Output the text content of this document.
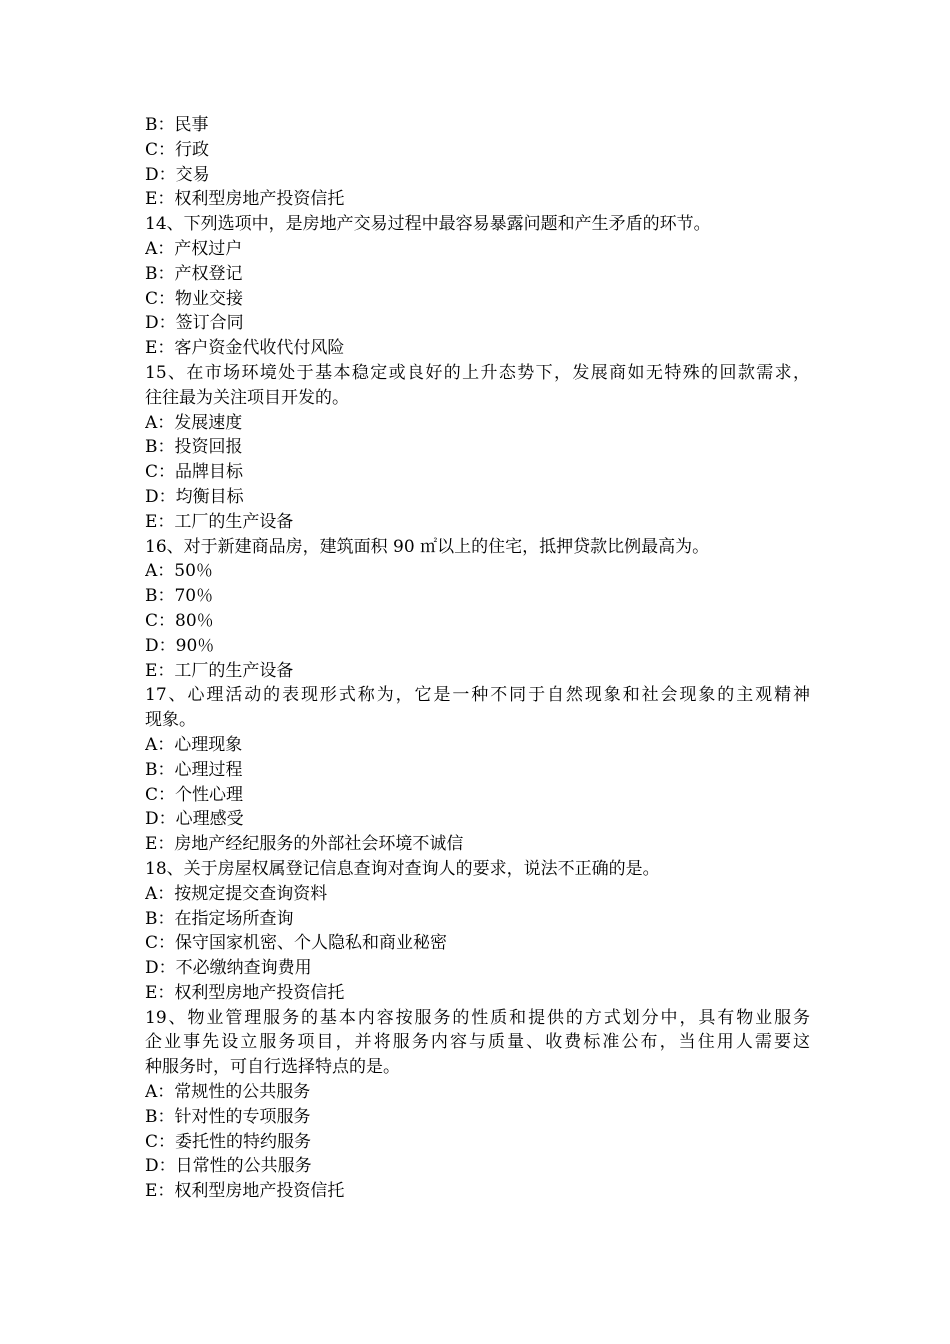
B：民事
C：行政
D：交易
E：权利型房地产投资信托
14、下列选项中，是房地产交易过程中最容易暴露问题和产生矛盾的环节。
A：产权过户
B：产权登记
C：物业交接
D：签订合同
E：客户资金代收代付风险
15、在市场环境处于基本稳定或良好的上升态势下，发展商如无特殊的回款需求，
往往最为关注项目开发的。
A：发展速度
B：投资回报
C：品牌目标
D：均衡目标
E：工厂的生产设备
16、对于新建商品房，建筑面积 90 ㎡以上的住宅，抵押贷款比例最高为。
A：50％
B：70％
C：80％
D：90％
E：工厂的生产设备
17、心理活动的表现形式称为，它是一种不同于自然现象和社会现象的主观精神
现象。
A：心理现象
B：心理过程
C：个性心理
D：心理感受
E：房地产经纪服务的外部社会环境不诚信
18、关于房屋权属登记信息查询对查询人的要求，说法不正确的是。
A：按规定提交查询资料
B：在指定场所查询
C：保守国家机密、个人隐私和商业秘密
D：不必缴纳查询费用
E：权利型房地产投资信托
19、物业管理服务的基本内容按服务的性质和提供的方式划分中，具有物业服务
企业事先设立服务项目，并将服务内容与质量、收费标准公布，当住用人需要这
种服务时，可自行选择特点的是。
A：常规性的公共服务
B：针对性的专项服务
C：委托性的特约服务
D：日常性的公共服务
E：权利型房地产投资信托
